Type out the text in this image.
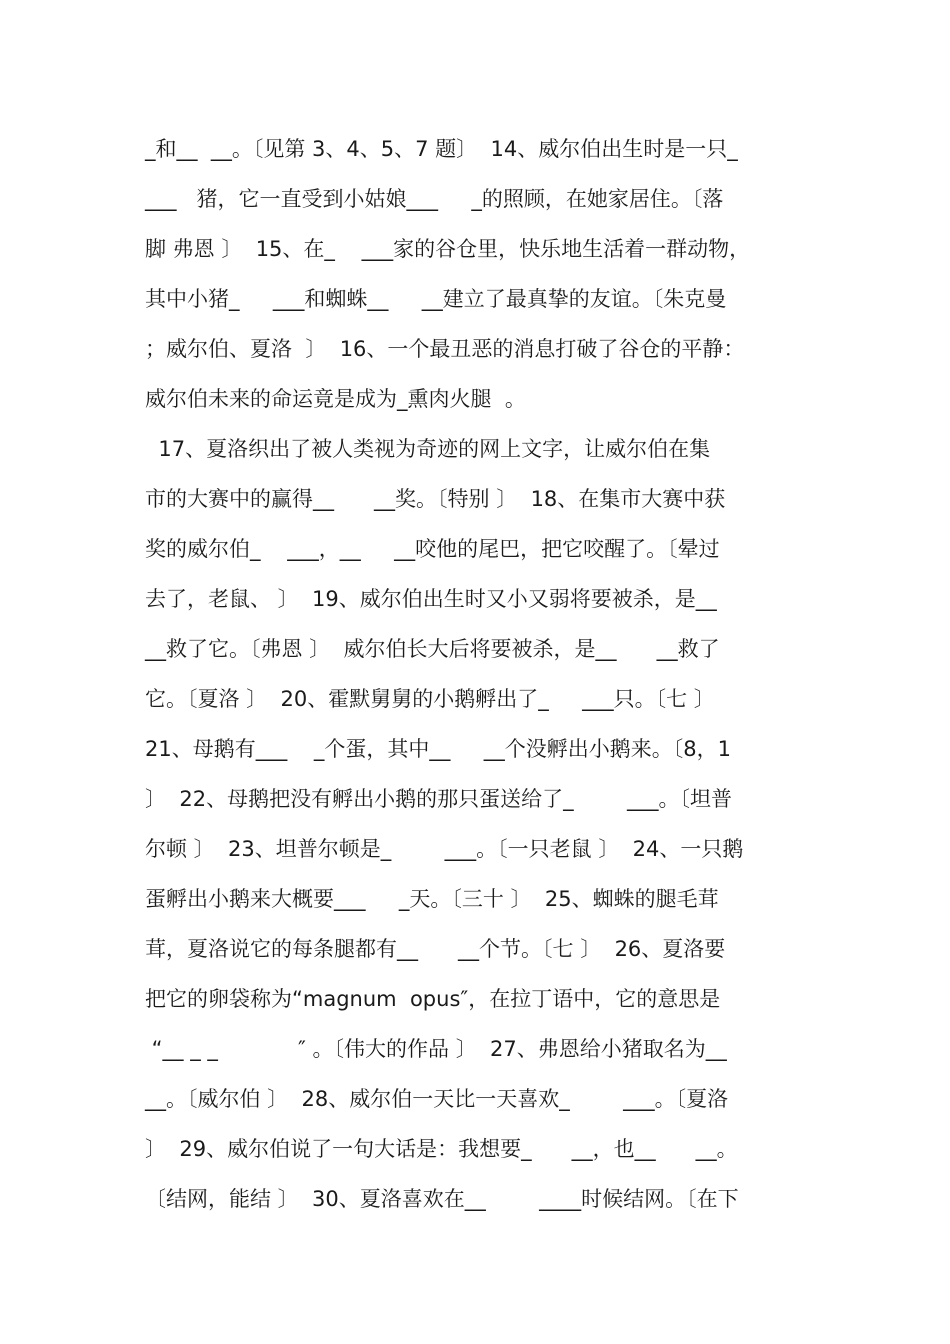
_和__  __。〔见第 3、4、5、7 题〕  14、威尔伯出生时是一只_
___   猪，它一直受到小姑娘___     _的照顾，在她家居住。〔落
脚 弗恩 〕  15、在_    ___家的谷仓里，快乐地生活着一群动物，
其中小猪_     ___和蜘蛛__     __建立了最真挚的友谊。〔朱克曼
；威尔伯、夏洛  〕  16、一个最丑恶的消息打破了谷仓的平静：
威尔伯未来的命运竟是成为_熏肉火腿  。
17、夏洛织出了被人类视为奇迹的网上文字，让威尔伯在集
市的大赛中的赢得__      __奖。〔特别 〕  18、在集市大赛中获
奖的威尔伯_    ___，__     __咬他的尾巴，把它咬醒了。〔晕过
去了，老鼠、 〕  19、威尔伯出生时又小又弱将要被杀，是__
__救了它。〔弗恩 〕  威尔伯长大后将要被杀，是__      __救了
它。〔夏洛 〕  20、霍默舅舅的小鹅孵出了_     ___只。〔七 〕
21、母鹅有___    _个蛋，其中__     __个没孵出小鹅来。〔8，1
〕  22、母鹅把没有孵出小鹅的那只蛋送给了_        ___。〔坦普
尔顿 〕  23、坦普尔顿是_        ___。〔一只老鼠 〕  24、一只鹅
蛋孵出小鹅来大概要___     _天。〔三十 〕  25、蜘蛛的腿毛茸
茸，夏洛说它的每条腿都有__      __个节。〔七 〕  26、夏洛要
把它的卵袋称为“magnum  opus″，在拉丁语中，它的意思是
“__ _ _            ″ 。〔伟大的作品 〕  27、弗恩给小猪取名为__
__。〔威尔伯 〕  28、威尔伯一天比一天喜欢_        ___。〔夏洛
〕  29、威尔伯说了一句大话是：我想要_      __，也__      __。
〔结网，能结 〕  30、夏洛喜欢在__        ____时候结网。〔在下
